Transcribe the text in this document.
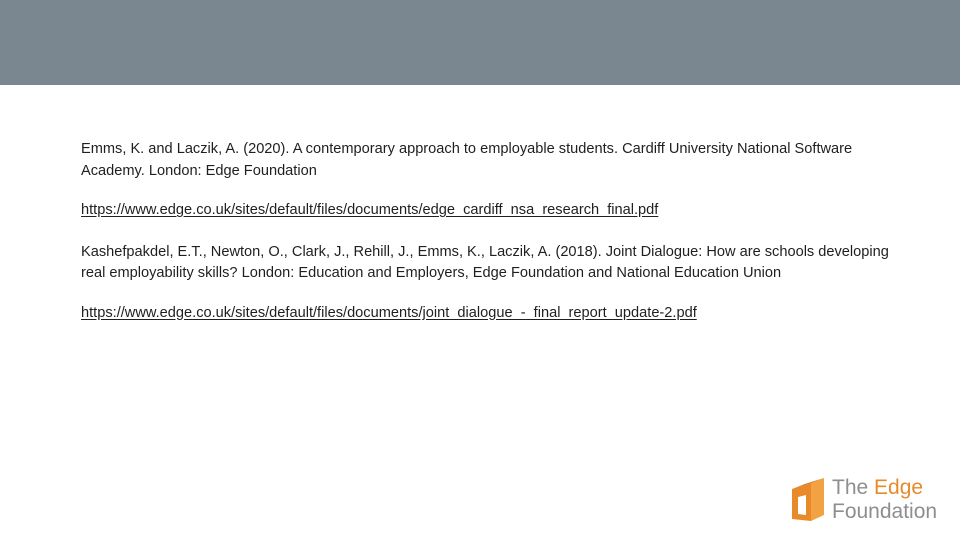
Emms, K. and Laczik, A. (2020). A contemporary approach to employable students. Cardiff University National Software Academy. London: Edge Foundation

https://www.edge.co.uk/sites/default/files/documents/edge_cardiff_nsa_research_final.pdf

Kashefpakdel, E.T., Newton, O., Clark, J., Rehill, J., Emms, K., Laczik, A. (2018). Joint Dialogue: How are schools developing real employability skills? London: Education and Employers, Edge Foundation and National Education Union

https://www.edge.co.uk/sites/default/files/documents/joint_dialogue_-_final_report_update-2.pdf
The Edge
Foundation
